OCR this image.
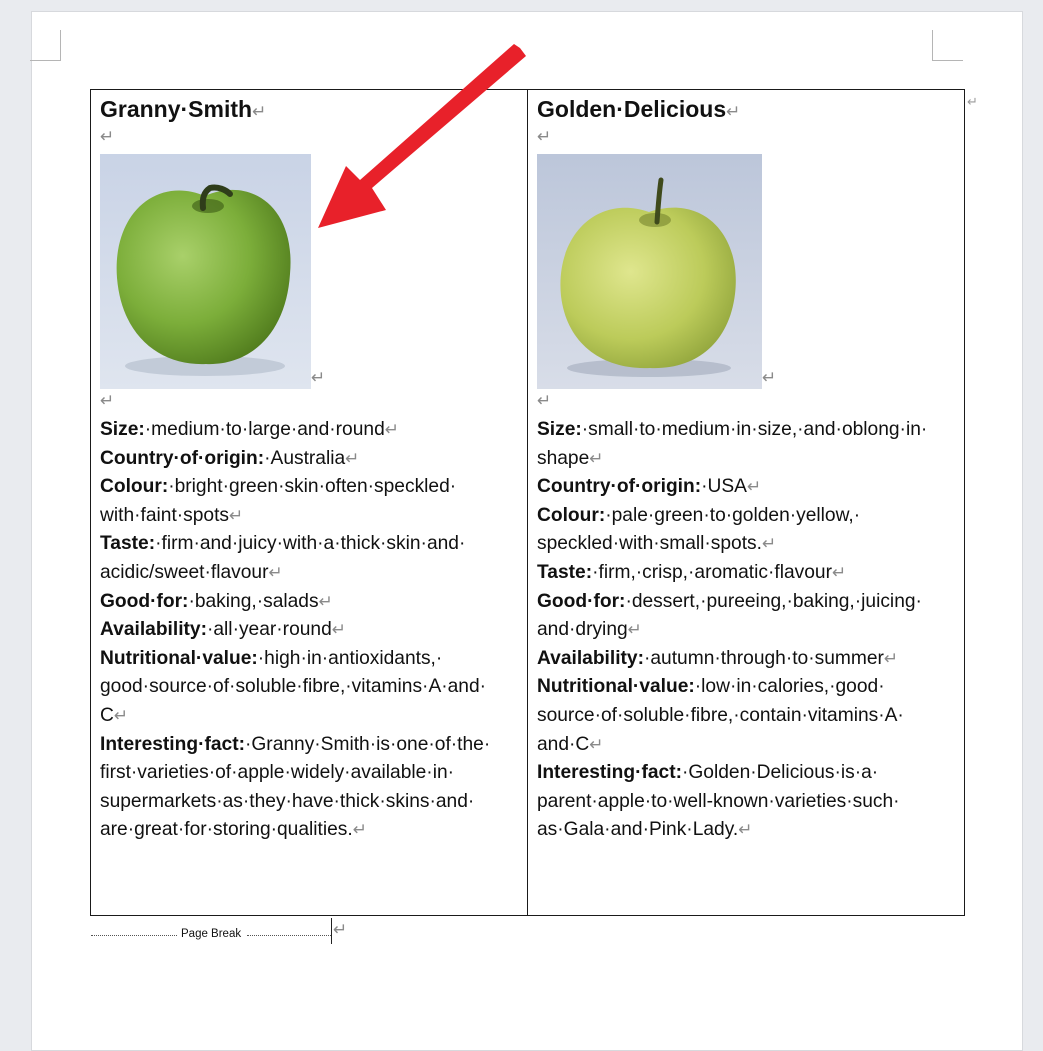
Granny·Smith↵
↵
↵
↵
Size:·medium·to·large·and·round↵
Country·of·origin:·Australia↵
Colour:·bright·green·skin·often·speckled· with·faint·spots↵
Taste:·firm·and·juicy·with·a·thick·skin·and· acidic/sweet·flavour↵
Good·for:·baking,·salads↵
Availability:·all·year·round↵
Nutritional·value:·high·in·antioxidants,· good·source·of·soluble·fibre,·vitamins·A·and· C↵
Interesting·fact:·Granny·Smith·is·one·of·the· first·varieties·of·apple·widely·available·in· supermarkets·as·they·have·thick·skins·and· are·great·for·storing·qualities.↵
Golden·Delicious↵
↵
↵
↵
Size:·small·to·medium·in·size,·and·oblong·in· shape↵
Country·of·origin:·USA↵
Colour:·pale·green·to·golden·yellow,· speckled·with·small·spots.↵
Taste:·firm,·crisp,·aromatic·flavour↵
Good·for:·dessert,·pureeing,·baking,·juicing· and·drying↵
Availability:·autumn·through·to·summer↵
Nutritional·value:·low·in·calories,·good· source·of·soluble·fibre,·contain·vitamins·A· and·C↵
Interesting·fact:·Golden·Delicious·is·a· parent·apple·to·well-known·varieties·such· as·Gala·and·Pink·Lady.↵
↵
Page Break	↵
